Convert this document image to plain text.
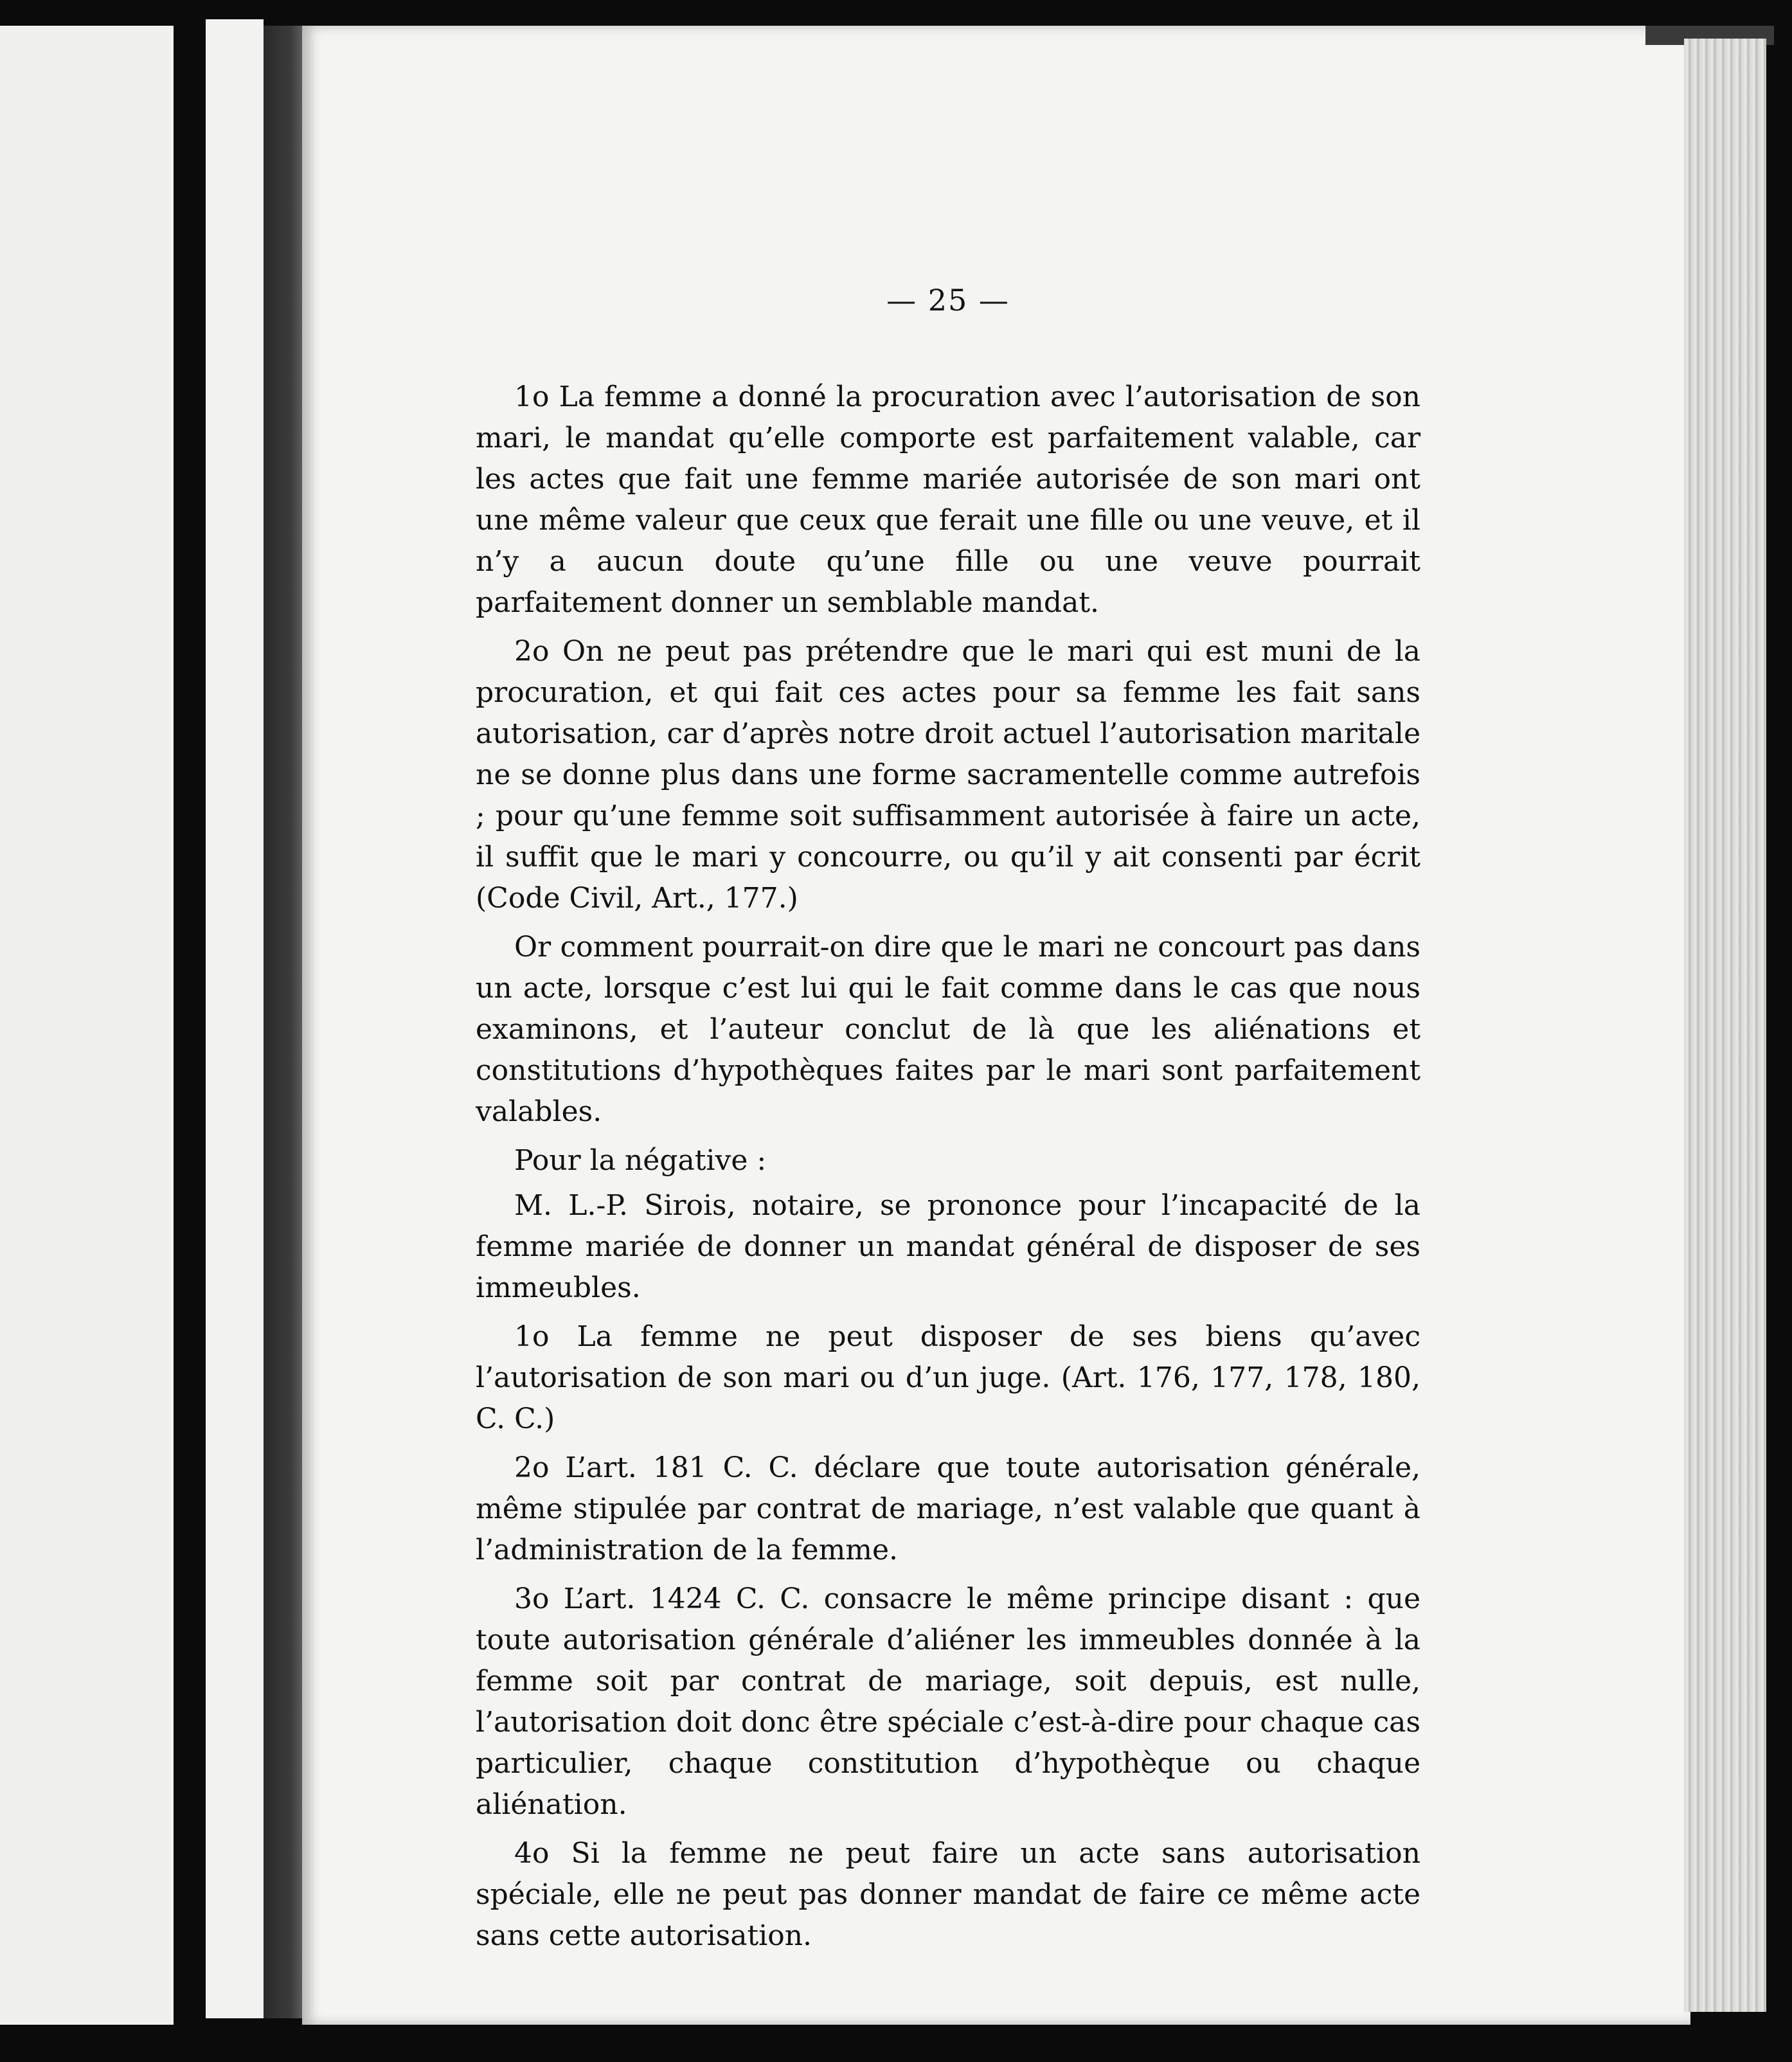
— 25 —

1o La femme a donné la procuration avec l’autorisation de son mari, le mandat qu’elle comporte est parfaitement valable, car les actes que fait une femme mariée autorisée de son mari ont une même valeur que ceux que ferait une fille ou une veuve, et il n’y a aucun doute qu’une fille ou une veuve pourrait parfaitement donner un semblable mandat.

2o On ne peut pas prétendre que le mari qui est muni de la procuration, et qui fait ces actes pour sa femme les fait sans autorisation, car d’après notre droit actuel l’autorisation maritale ne se donne plus dans une forme sacramentelle comme autrefois ; pour qu’une femme soit suffisamment autorisée à faire un acte, il suffit que le mari y concourre, ou qu’il y ait consenti par écrit (Code Civil, Art., 177.)

Or comment pourrait-on dire que le mari ne concourt pas dans un acte, lorsque c’est lui qui le fait comme dans le cas que nous examinons, et l’auteur conclut de là que les aliénations et constitutions d’hypothèques faites par le mari sont parfaitement valables.

Pour la négative :

M. L.-P. Sirois, notaire, se prononce pour l’incapacité de la femme mariée de donner un mandat général de disposer de ses immeubles.

1o La femme ne peut disposer de ses biens qu’avec l’autorisation de son mari ou d’un juge. (Art. 176, 177, 178, 180, C. C.)

2o L’art. 181 C. C. déclare que toute autorisation générale, même stipulée par contrat de mariage, n’est valable que quant à l’administration de la femme.

3o L’art. 1424 C. C. consacre le même principe disant : que toute autorisation générale d’aliéner les immeubles donnée à la femme soit par contrat de mariage, soit depuis, est nulle, l’autorisation doit donc être spéciale c’est-à-dire pour chaque cas particulier, chaque constitution d’hypothèque ou chaque aliénation.

4o Si la femme ne peut faire un acte sans autorisation spéciale, elle ne peut pas donner mandat de faire ce même acte sans cette autorisation.
